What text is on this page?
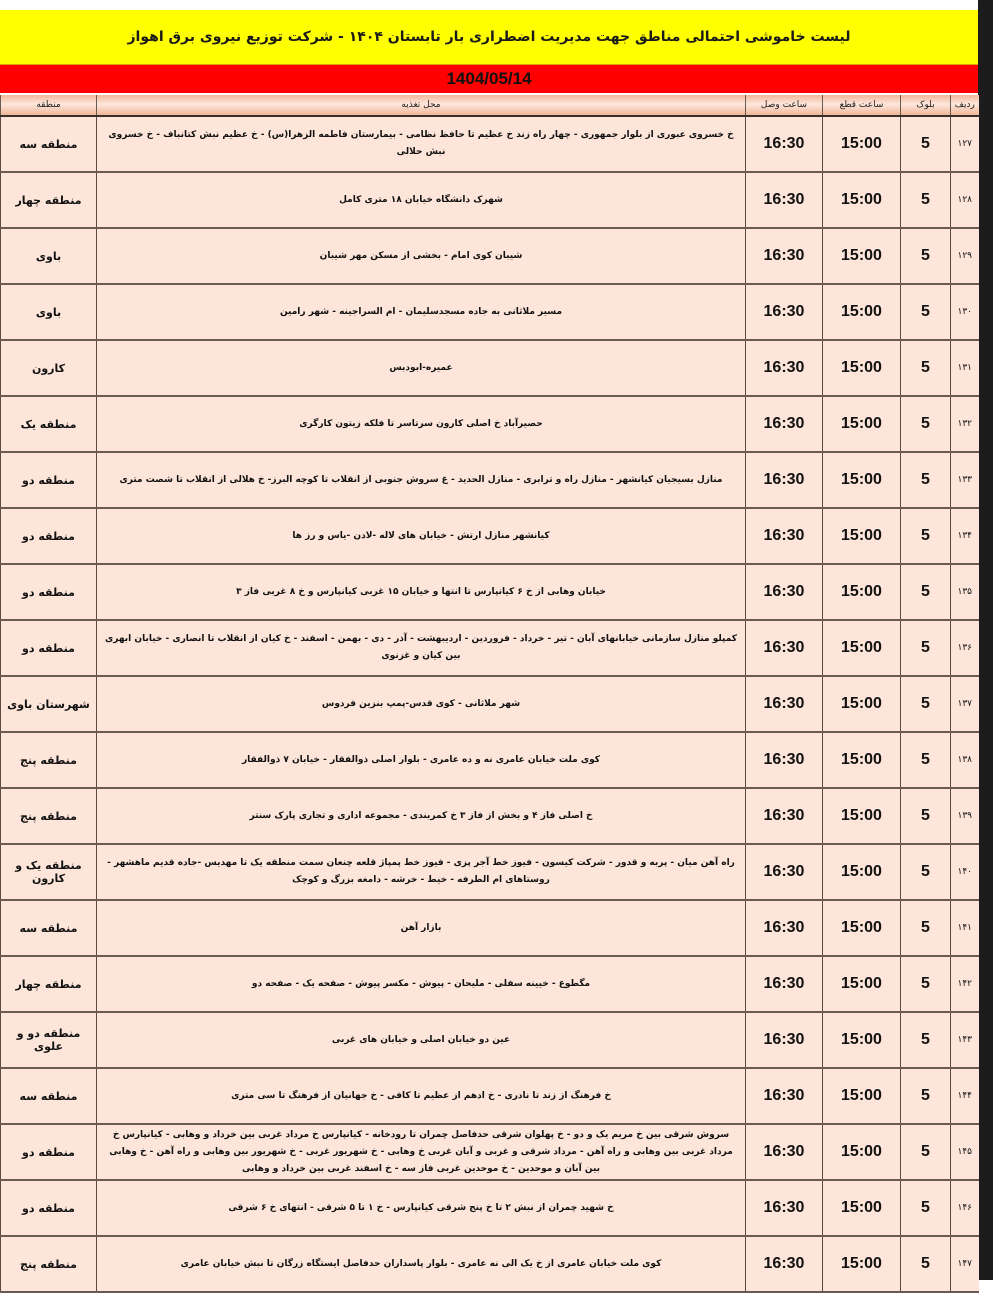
لیست خاموشی احتمالی مناطق جهت مدیریت اضطراری بار تابستان ۱۴۰۴ - شرکت توزیع نیروی برق اهواز
1404/05/14
ردیف	بلوک	ساعت قطع	ساعت وصل	محل تغذیه	منطقه
۱۲۷	5	15:00	16:30	خ خسروی عبوری از بلوار جمهوری - چهار راه زند خ عظیم تا حافظ نظامی - بیمارستان فاطمه الزهرا(س) - خ عظیم نبش کتانباف - خ خسروی نبش حلالی	منطقه سه
۱۲۸	5	15:00	16:30	شهرک دانشگاه خیابان ۱۸ متری کامل	منطقه چهار
۱۲۹	5	15:00	16:30	شیبان کوی امام - بخشی از مسکن مهر شیبان	باوی
۱۳۰	5	15:00	16:30	مسیر ملاثانی به جاده مسجدسلیمان - ام السراجینه - شهر رامین	باوی
۱۳۱	5	15:00	16:30	عمیره-ابودبس	کارون
۱۳۲	5	15:00	16:30	حصیرآباد خ اصلی کارون سرتاسر تا فلکه زیتون کارگری	منطقه یک
۱۳۳	5	15:00	16:30	منازل بسیجیان کیانشهر - منازل راه و ترابری - منازل الحدید - غ سروش جنوبی از انقلاب تا کوچه البرز- خ هلالی از انقلاب تا شصت متری	منطقه دو
۱۳۴	5	15:00	16:30	کیانشهر منازل ارتش - خیابان های لاله -لادن -یاس و رز ها	منطقه دو
۱۳۵	5	15:00	16:30	خیابان وهابی از خ ۶ کیانپارس تا انتها و خیابان ۱۵ غربی کیانپارس و خ ۸ غربی فاز ۳	منطقه دو
۱۳۶	5	15:00	16:30	کمپلو منازل سازمانی خیابانهای آبان - تیر - خرداد - فروردین - اردیبهشت - آذر - دی - بهمن - اسفند - خ کیان از انقلاب تا انصاری - خیابان ابهری بین کیان و غزنوی	منطقه دو
۱۳۷	5	15:00	16:30	شهر ملاثانی - کوی قدس-پمپ بنزین فردوس	شهرستان باوی
۱۳۸	5	15:00	16:30	کوی ملت خیابان عامری نه و ده عامری - بلوار اصلی ذوالفقار - خیابان ۷ ذوالفقار	منطقه پنج
۱۳۹	5	15:00	16:30	خ اصلی فاز ۴ و بخش از فاز ۳ خ کمربندی - مجموعه اداری و تجاری پارک سنتر	منطقه پنج
۱۴۰	5	15:00	16:30	راه آهن میان - پربه و قدور - شرکت کیسون - فیوز خط آجر پزی - فیوز خط پمپاژ قلعه چنعان سمت منطقه یک تا مهدیس -جاده قدیم ماهشهر - روستاهای ام الطرفه - خیط - خرشه - دامغه بزرگ و کوچک	منطقه یک و کارون
۱۴۱	5	15:00	16:30	بازار آهن	منطقه سه
۱۴۲	5	15:00	16:30	مگطوع - خیینه سفلی - ملیحان - پیوش - مکسر پیوش - صفحه یک - صفحه دو	منطقه چهار
۱۴۳	5	15:00	16:30	عین دو خیابان اصلی و خیابان های غربی	منطقه دو و علوی
۱۴۴	5	15:00	16:30	خ فرهنگ از زند تا نادری - خ ادهم از عظیم تا کافی - خ جهانیان از فرهنگ تا سی متری	منطقه سه
۱۴۵	5	15:00	16:30	سروش شرقی بین خ مریم یک و دو - خ پهلوان شرقی حدفاصل چمران تا رودخانه - کیانپارس خ مرداد غربی بین خرداد و وهابی - کیانپارس خ مرداد غربی بین وهابی و راه آهن - مرداد شرقی و غربی و آبان غربی خ وهابی - خ شهریور غربی - خ شهریور بین وهابی و راه آهن - خ وهابی بین آبان و موحدین - خ موحدین غربی فاز سه - خ اسفند غربی بین خرداد و وهابی	منطقه دو
۱۴۶	5	15:00	16:30	خ شهید چمران از نبش ۲ تا خ پنج شرقی کیانپارس - خ ۱ تا ۵ شرقی - انتهای خ ۶ شرقی	منطقه دو
۱۴۷	5	15:00	16:30	کوی ملت خیابان عامری از خ یک الی نه عامری - بلوار پاسداران حدفاصل ایستگاه زرگان تا نبش خیابان عامری	منطقه پنج
